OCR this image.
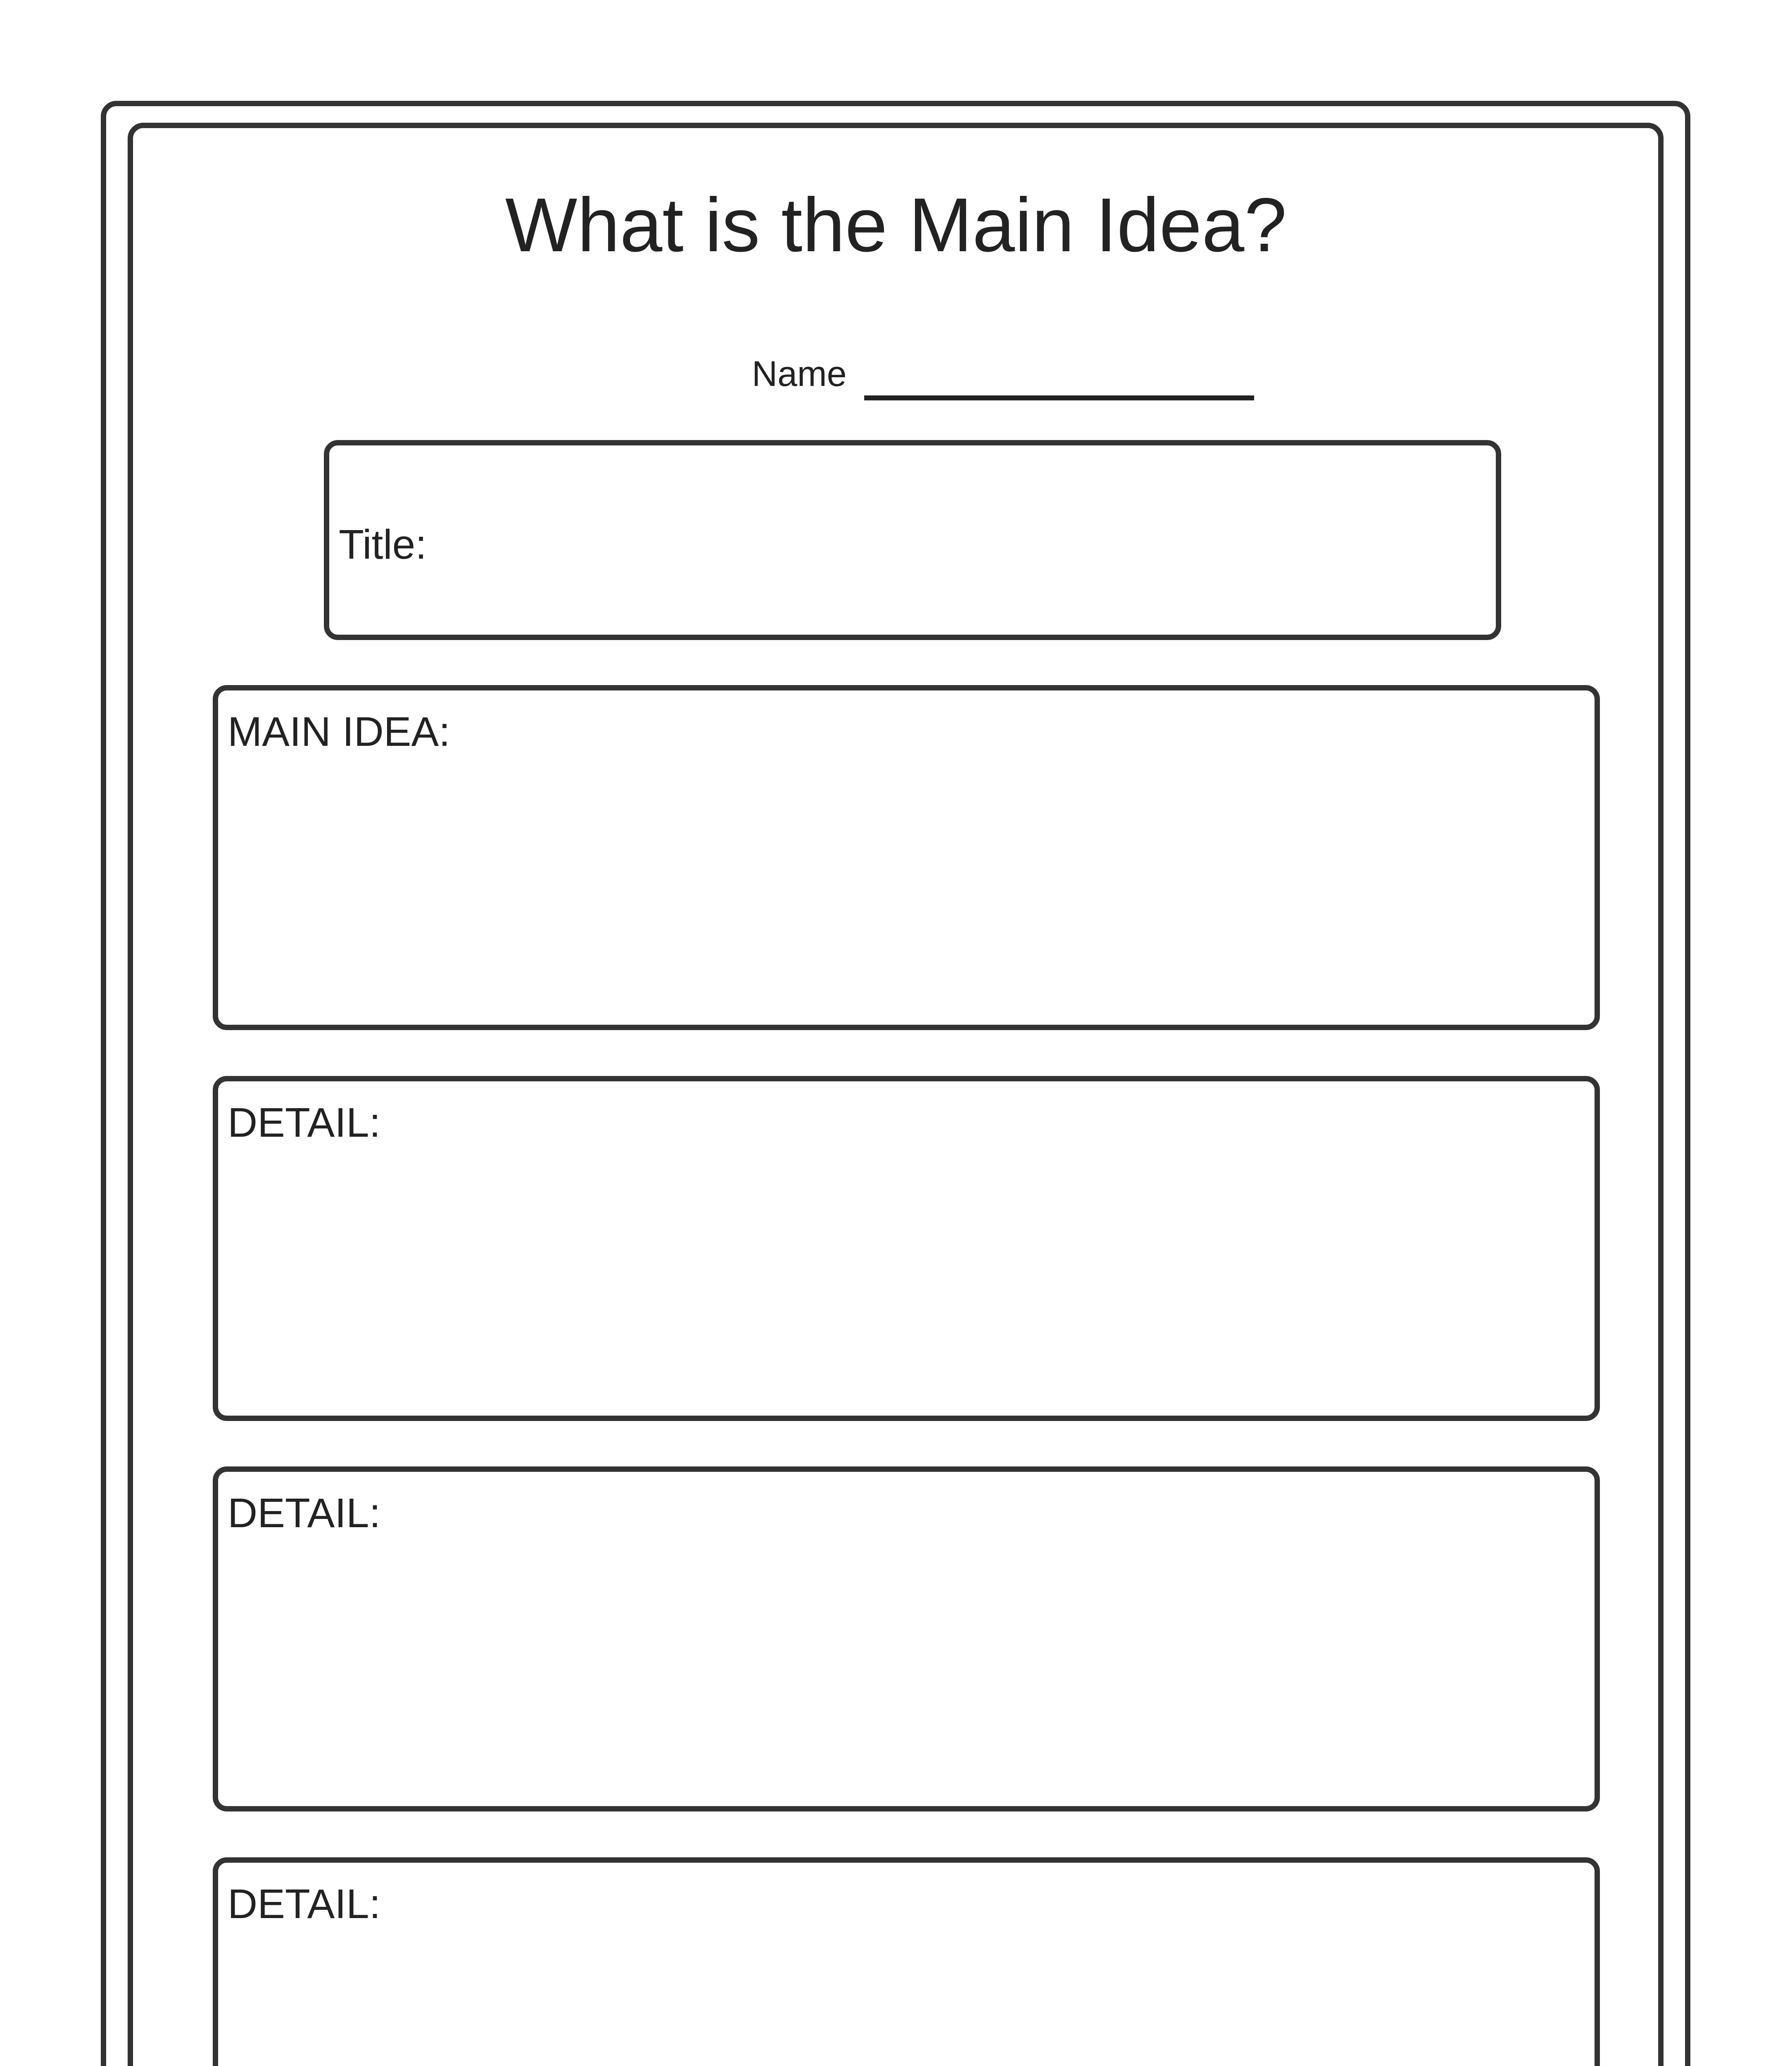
What is the Main Idea?
Name
Title:
MAIN IDEA:
DETAIL:
DETAIL:
DETAIL:
